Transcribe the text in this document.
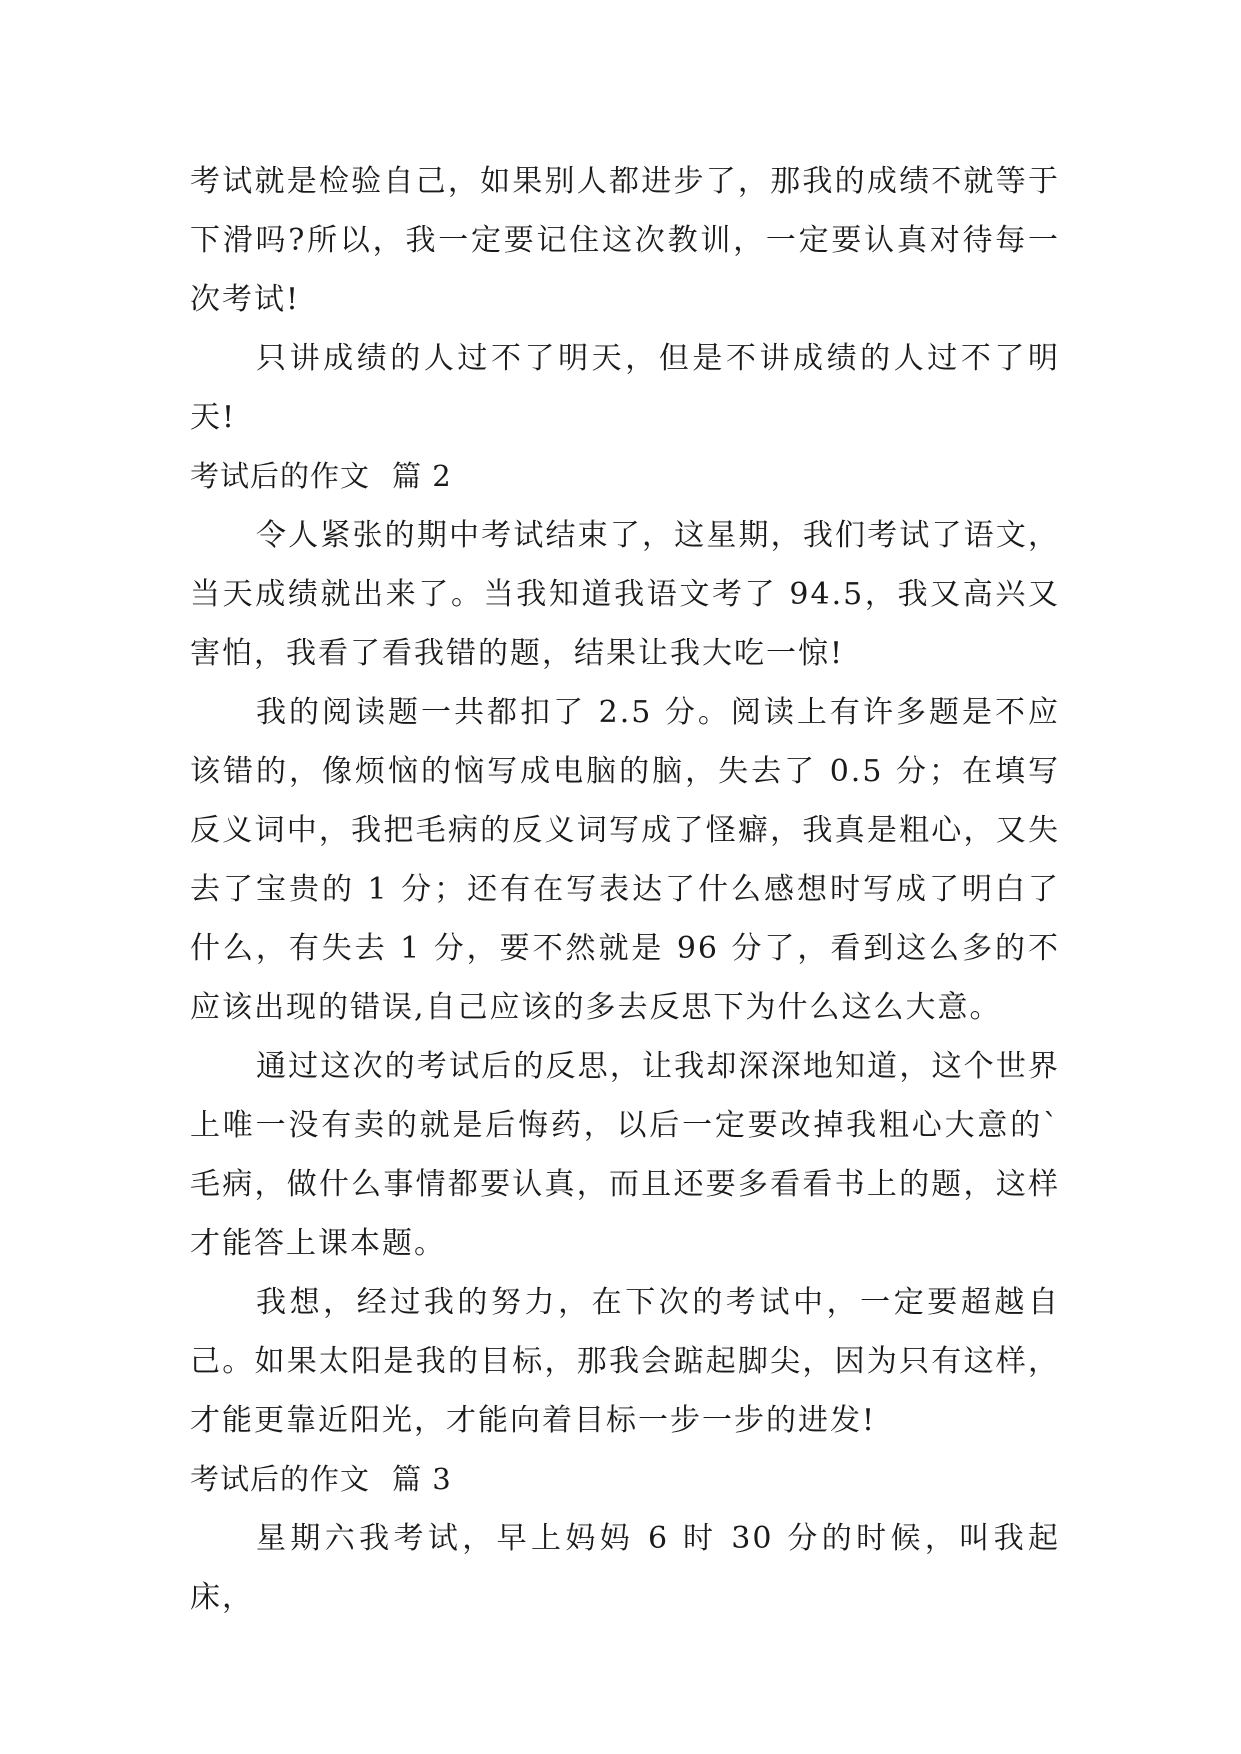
考试就是检验自己，如果别人都进步了，那我的成绩不就等于下滑吗?所以，我一定要记住这次教训，一定要认真对待每一次考试!

只讲成绩的人过不了明天，但是不讲成绩的人过不了明天!

考试后的作文 篇 2

令人紧张的期中考试结束了，这星期，我们考试了语文，当天成绩就出来了。当我知道我语文考了 94.5，我又高兴又害怕，我看了看我错的题，结果让我大吃一惊!

我的阅读题一共都扣了 2.5 分。阅读上有许多题是不应该错的，像烦恼的恼写成电脑的脑，失去了 0.5 分；在填写反义词中，我把毛病的反义词写成了怪癖，我真是粗心，又失去了宝贵的 1 分；还有在写表达了什么感想时写成了明白了什么，有失去 1 分，要不然就是 96 分了，看到这么多的不应该出现的错误,自己应该的多去反思下为什么这么大意。

通过这次的考试后的反思，让我却深深地知道，这个世界上唯一没有卖的就是后悔药，以后一定要改掉我粗心大意的`毛病，做什么事情都要认真，而且还要多看看书上的题，这样才能答上课本题。

我想，经过我的努力，在下次的考试中，一定要超越自己。如果太阳是我的目标，那我会踮起脚尖，因为只有这样，才能更靠近阳光，才能向着目标一步一步的进发!

考试后的作文 篇 3

星期六我考试，早上妈妈 6 时 30 分的时候，叫我起床，
